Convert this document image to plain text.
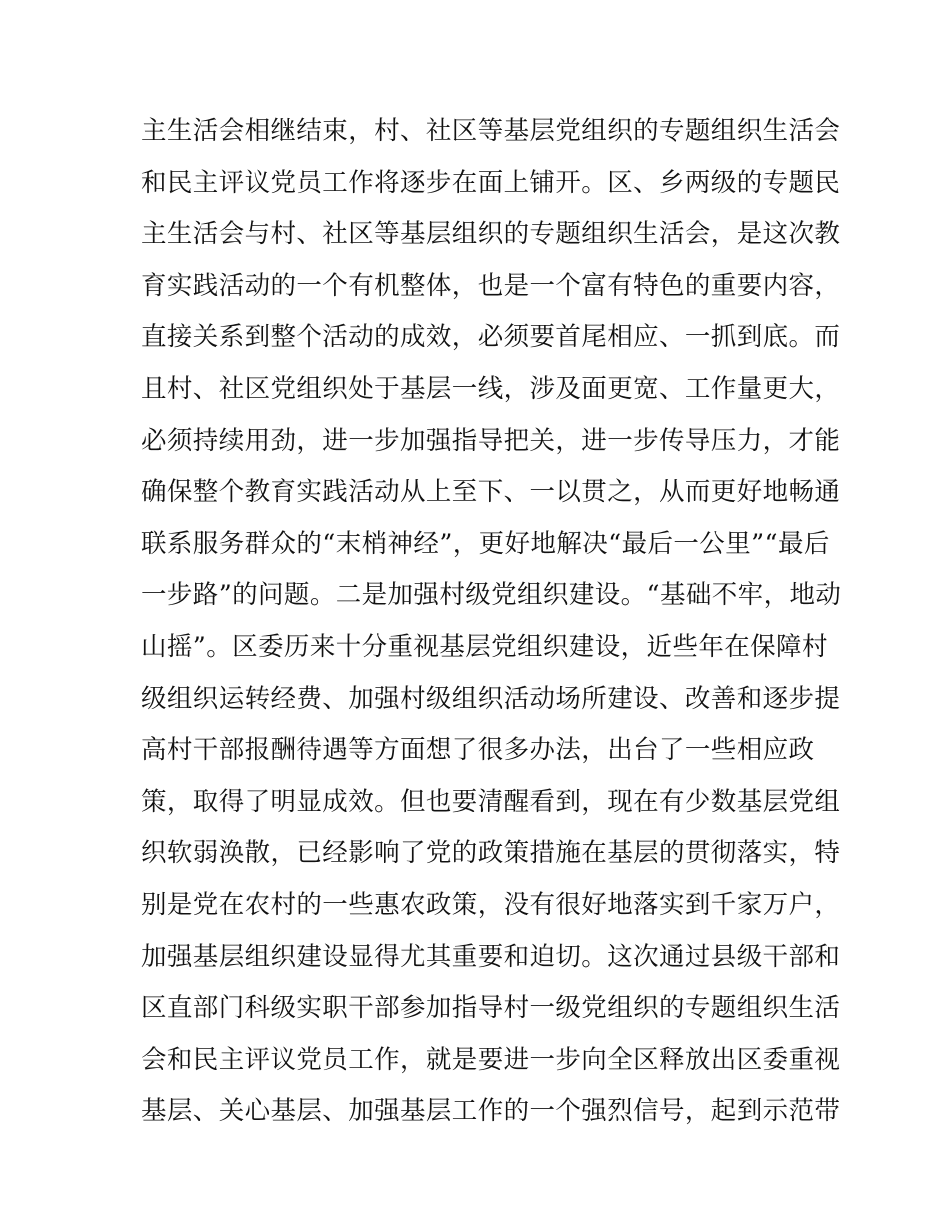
主生活会相继结束，村、社区等基层党组织的专题组织生活会
和民主评议党员工作将逐步在面上铺开。区、乡两级的专题民
主生活会与村、社区等基层组织的专题组织生活会，是这次教
育实践活动的一个有机整体，也是一个富有特色的重要内容，
直接关系到整个活动的成效，必须要首尾相应、一抓到底。而
且村、社区党组织处于基层一线，涉及面更宽、工作量更大，
必须持续用劲，进一步加强指导把关，进一步传导压力，才能
确保整个教育实践活动从上至下、一以贯之，从而更好地畅通
联系服务群众的“末梢神经”，更好地解决“最后一公里”“最后
一步路”的问题。二是加强村级党组织建设。“基础不牢，地动
山摇”。区委历来十分重视基层党组织建设，近些年在保障村
级组织运转经费、加强村级组织活动场所建设、改善和逐步提
高村干部报酬待遇等方面想了很多办法，出台了一些相应政
策，取得了明显成效。但也要清醒看到，现在有少数基层党组
织软弱涣散，已经影响了党的政策措施在基层的贯彻落实，特
别是党在农村的一些惠农政策，没有很好地落实到千家万户，
加强基层组织建设显得尤其重要和迫切。这次通过县级干部和
区直部门科级实职干部参加指导村一级党组织的专题组织生活
会和民主评议党员工作，就是要进一步向全区释放出区委重视
基层、关心基层、加强基层工作的一个强烈信号，起到示范带
